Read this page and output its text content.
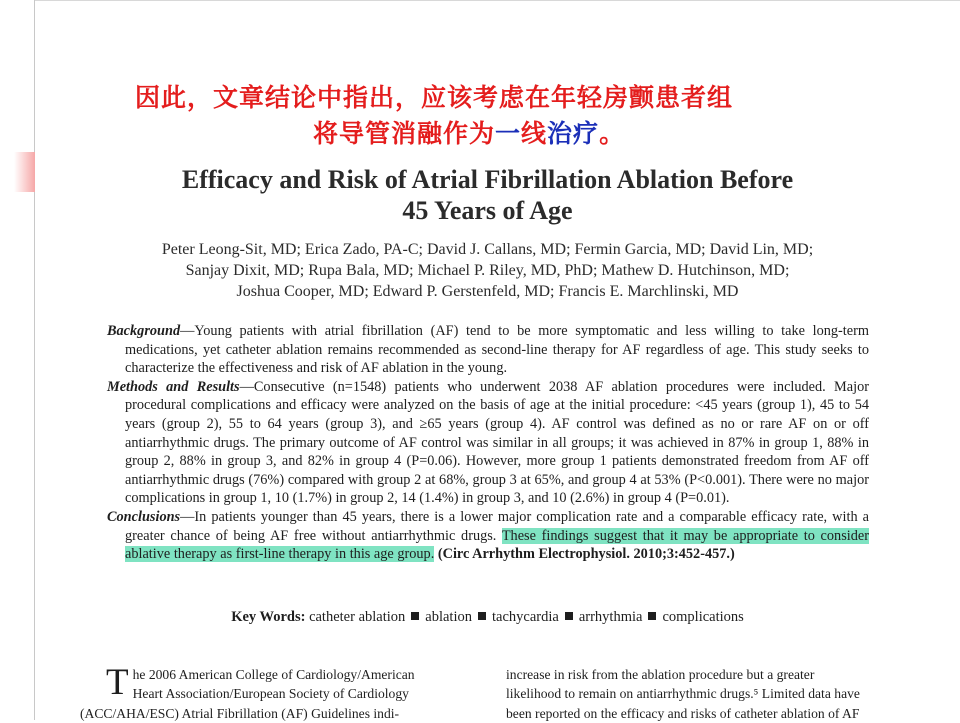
因此，文章结论中指出，应该考虑在年轻房颤患者组
将导管消融作为一线治疗。
Efficacy and Risk of Atrial Fibrillation Ablation Before
45 Years of Age
Peter Leong-Sit, MD; Erica Zado, PA-C; David J. Callans, MD; Fermin Garcia, MD; David Lin, MD;
Sanjay Dixit, MD; Rupa Bala, MD; Michael P. Riley, MD, PhD; Mathew D. Hutchinson, MD;
Joshua Cooper, MD; Edward P. Gerstenfeld, MD; Francis E. Marchlinski, MD

Background—Young patients with atrial fibrillation (AF) tend to be more symptomatic and less willing to take long-term medications, yet catheter ablation remains recommended as second-line therapy for AF regardless of age. This study seeks to characterize the effectiveness and risk of AF ablation in the young.

Methods and Results—Consecutive (n=1548) patients who underwent 2038 AF ablation procedures were included. Major procedural complications and efficacy were analyzed on the basis of age at the initial procedure: <45 years (group 1), 45 to 54 years (group 2), 55 to 64 years (group 3), and ≥65 years (group 4). AF control was defined as no or rare AF on or off antiarrhythmic drugs. The primary outcome of AF control was similar in all groups; it was achieved in 87% in group 1, 88% in group 2, 88% in group 3, and 82% in group 4 (P=0.06). However, more group 1 patients demonstrated freedom from AF off antiarrhythmic drugs (76%) compared with group 2 at 68%, group 3 at 65%, and group 4 at 53% (P<0.001). There were no major complications in group 1, 10 (1.7%) in group 2, 14 (1.4%) in group 3, and 10 (2.6%) in group 4 (P=0.01).

Conclusions—In patients younger than 45 years, there is a lower major complication rate and a comparable efficacy rate, with a greater chance of being AF free without antiarrhythmic drugs. These findings suggest that it may be appropriate to consider ablative therapy as first-line therapy in this age group. (Circ Arrhythm Electrophysiol. 2010;3:452-457.)

Key Words: catheter ablation ablation tachycardia arrhythmia complications
T he 2006 American College of Cardiology/American
Heart Association/European Society of Cardiology
(ACC/AHA/ESC) Atrial Fibrillation (AF) Guidelines indi-
increase in risk from the ablation procedure but a greater
likelihood to remain on antiarrhythmic drugs.⁵ Limited data have
been reported on the efficacy and risks of catheter ablation of AF
